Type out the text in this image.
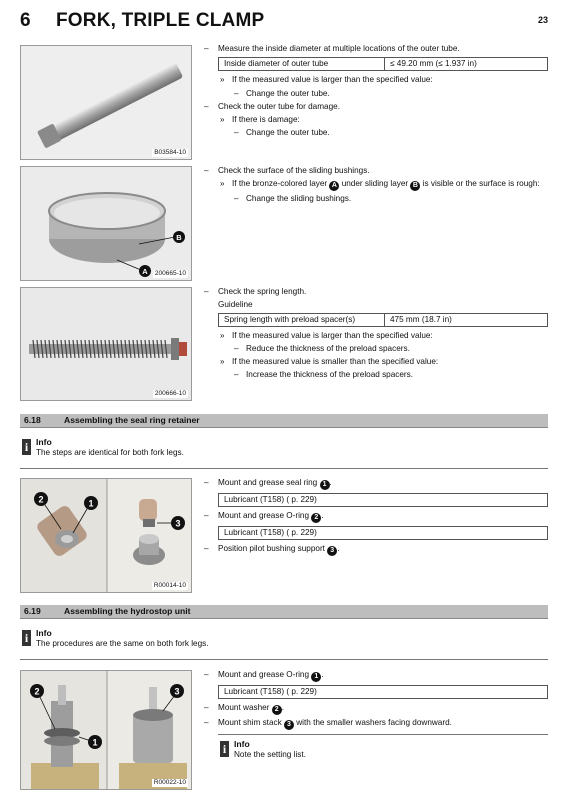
6 FORK, TRIPLE CLAMP	23
B03584-10
– Measure the inside diameter at multiple locations of the outer tube.
Inside diameter of outer tube	≤ 49.20 mm (≤ 1.937 in)
» If the measured value is larger than the specified value:
– Change the outer tube.
– Check the outer tube for damage.
» If there is damage:
– Change the outer tube.
B
A	200665-10
– Check the surface of the sliding bushings.
» If the bronze-colored layer A under sliding layer B is visible or the surface is rough:
– Change the sliding bushings.
200666-10
– Check the spring length.
Guideline
Spring length with preload spacer(s)	475 mm (18.7 in)
» If the measured value is larger than the specified value:
– Reduce the thickness of the preload spacers.
» If the measured value is smaller than the specified value:
– Increase the thickness of the preload spacers.
6.18	Assembling the seal ring retainer
i Info
The steps are identical for both fork legs.
2	1
3
R00014-10
– Mount and grease seal ring 1 .
Lubricant (T158) ( p. 229)
– Mount and grease O-ring 2 .
Lubricant (T158) ( p. 229)
– Position pilot bushing support 3 .
6.19	Assembling the hydrostop unit
i Info
The procedures are the same on both fork legs.
2
1
3
R00022-10
– Mount and grease O-ring 1 .
Lubricant (T158) ( p. 229)
– Mount washer 2 .
– Mount shim stack 3 with the smaller washers facing downward.
i Info
Note the setting list.
